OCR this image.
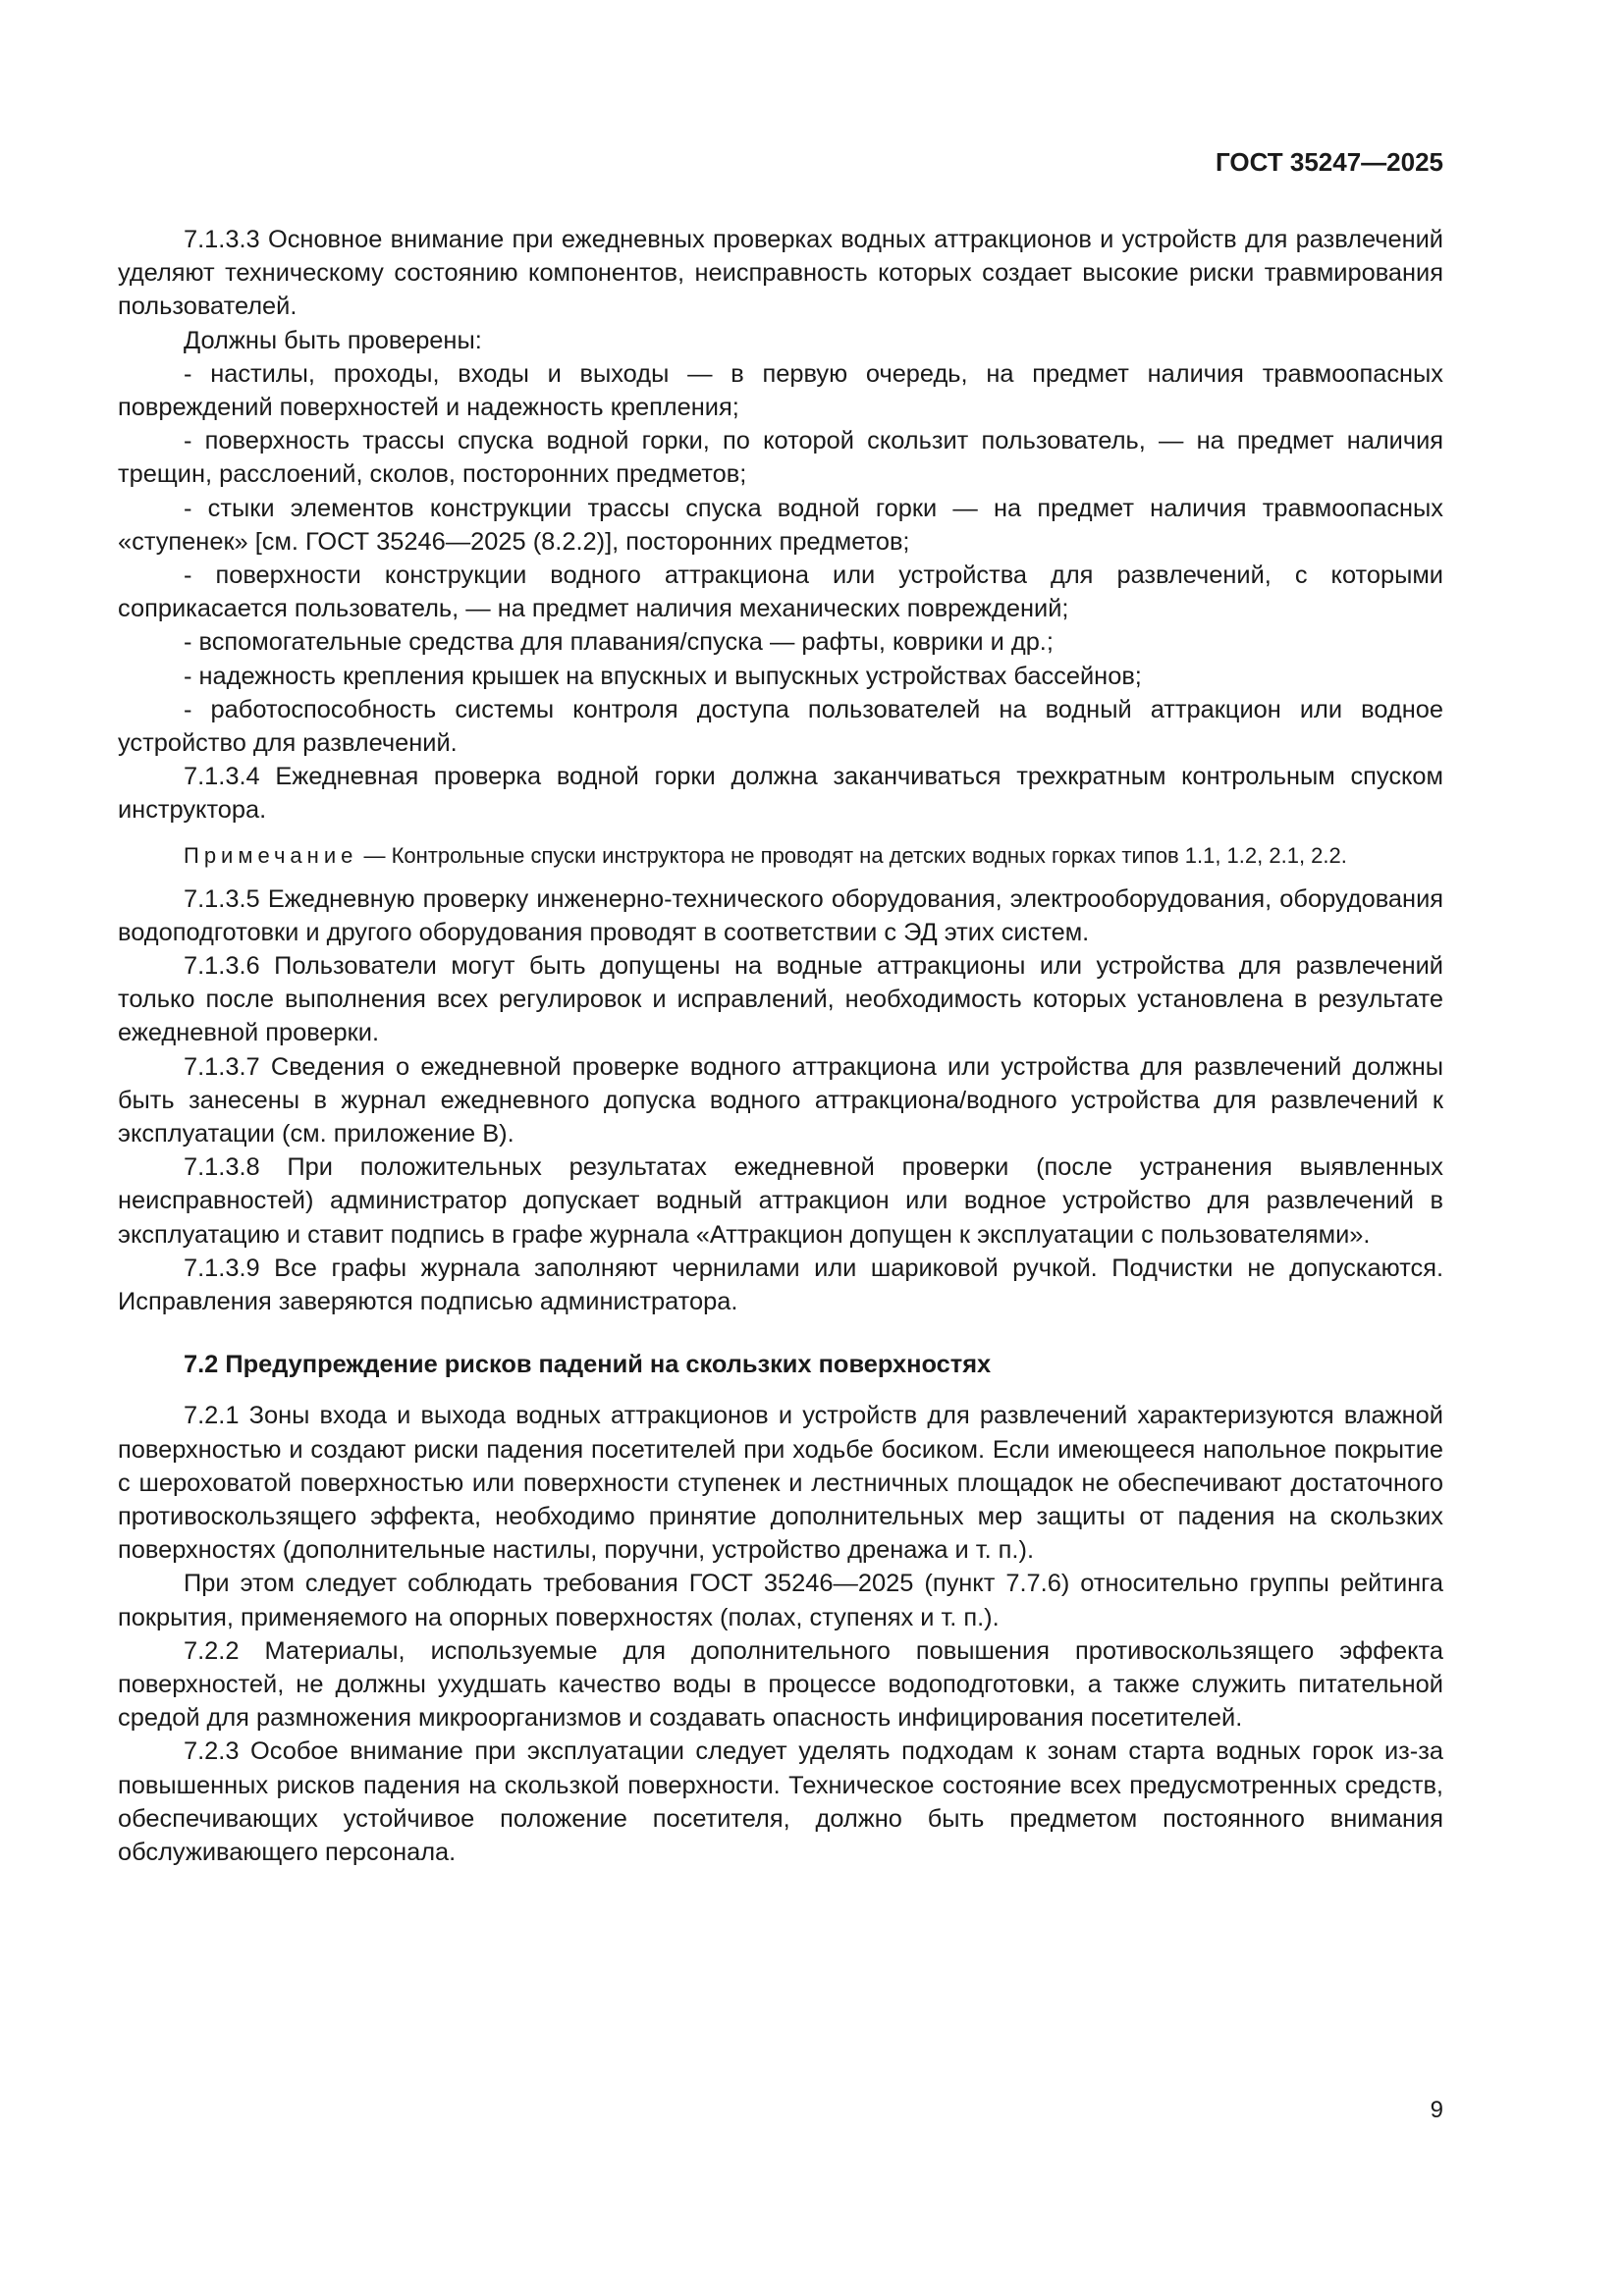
ГОСТ 35247—2025

7.1.3.3 Основное внимание при ежедневных проверках водных аттракционов и устройств для развлечений уделяют техническому состоянию компонентов, неисправность которых создает высокие риски травмирования пользователей.

Должны быть проверены:

- настилы, проходы, входы и выходы — в первую очередь, на предмет наличия травмоопасных повреждений поверхностей и надежность крепления;

- поверхность трассы спуска водной горки, по которой скользит пользователь, — на предмет наличия трещин, расслоений, сколов, посторонних предметов;

- стыки элементов конструкции трассы спуска водной горки — на предмет наличия травмоопасных «ступенек» [см. ГОСТ 35246—2025 (8.2.2)], посторонних предметов;

- поверхности конструкции водного аттракциона или устройства для развлечений, с которыми соприкасается пользователь, — на предмет наличия механических повреждений;

- вспомогательные средства для плавания/спуска — рафты, коврики и др.;

- надежность крепления крышек на впускных и выпускных устройствах бассейнов;

- работоспособность системы контроля доступа пользователей на водный аттракцион или водное устройство для развлечений.

7.1.3.4 Ежедневная проверка водной горки должна заканчиваться трехкратным контрольным спуском инструктора.

Примечание — Контрольные спуски инструктора не проводят на детских водных горках типов 1.1, 1.2, 2.1, 2.2.

7.1.3.5 Ежедневную проверку инженерно-технического оборудования, электрооборудования, оборудования водоподготовки и другого оборудования проводят в соответствии с ЭД этих систем.

7.1.3.6 Пользователи могут быть допущены на водные аттракционы или устройства для развлечений только после выполнения всех регулировок и исправлений, необходимость которых установлена в результате ежедневной проверки.

7.1.3.7 Сведения о ежедневной проверке водного аттракциона или устройства для развлечений должны быть занесены в журнал ежедневного допуска водного аттракциона/водного устройства для развлечений к эксплуатации (см. приложение В).

7.1.3.8 При положительных результатах ежедневной проверки (после устранения выявленных неисправностей) администратор допускает водный аттракцион или водное устройство для развлечений в эксплуатацию и ставит подпись в графе журнала «Аттракцион допущен к эксплуатации с пользователями».

7.1.3.9 Все графы журнала заполняют чернилами или шариковой ручкой. Подчистки не допускаются. Исправления заверяются подписью администратора.

7.2 Предупреждение рисков падений на скользких поверхностях

7.2.1 Зоны входа и выхода водных аттракционов и устройств для развлечений характеризуются влажной поверхностью и создают риски падения посетителей при ходьбе босиком. Если имеющееся напольное покрытие с шероховатой поверхностью или поверхности ступенек и лестничных площадок не обеспечивают достаточного противоскользящего эффекта, необходимо принятие дополнительных мер защиты от падения на скользких поверхностях (дополнительные настилы, поручни, устройство дренажа и т. п.).

При этом следует соблюдать требования ГОСТ 35246—2025 (пункт 7.7.6) относительно группы рейтинга покрытия, применяемого на опорных поверхностях (полах, ступенях и т. п.).

7.2.2 Материалы, используемые для дополнительного повышения противоскользящего эффекта поверхностей, не должны ухудшать качество воды в процессе водоподготовки, а также служить питательной средой для размножения микроорганизмов и создавать опасность инфицирования посетителей.

7.2.3 Особое внимание при эксплуатации следует уделять подходам к зонам старта водных горок из-за повышенных рисков падения на скользкой поверхности. Техническое состояние всех предусмотренных средств, обеспечивающих устойчивое положение посетителя, должно быть предметом постоянного внимания обслуживающего персонала.

9
